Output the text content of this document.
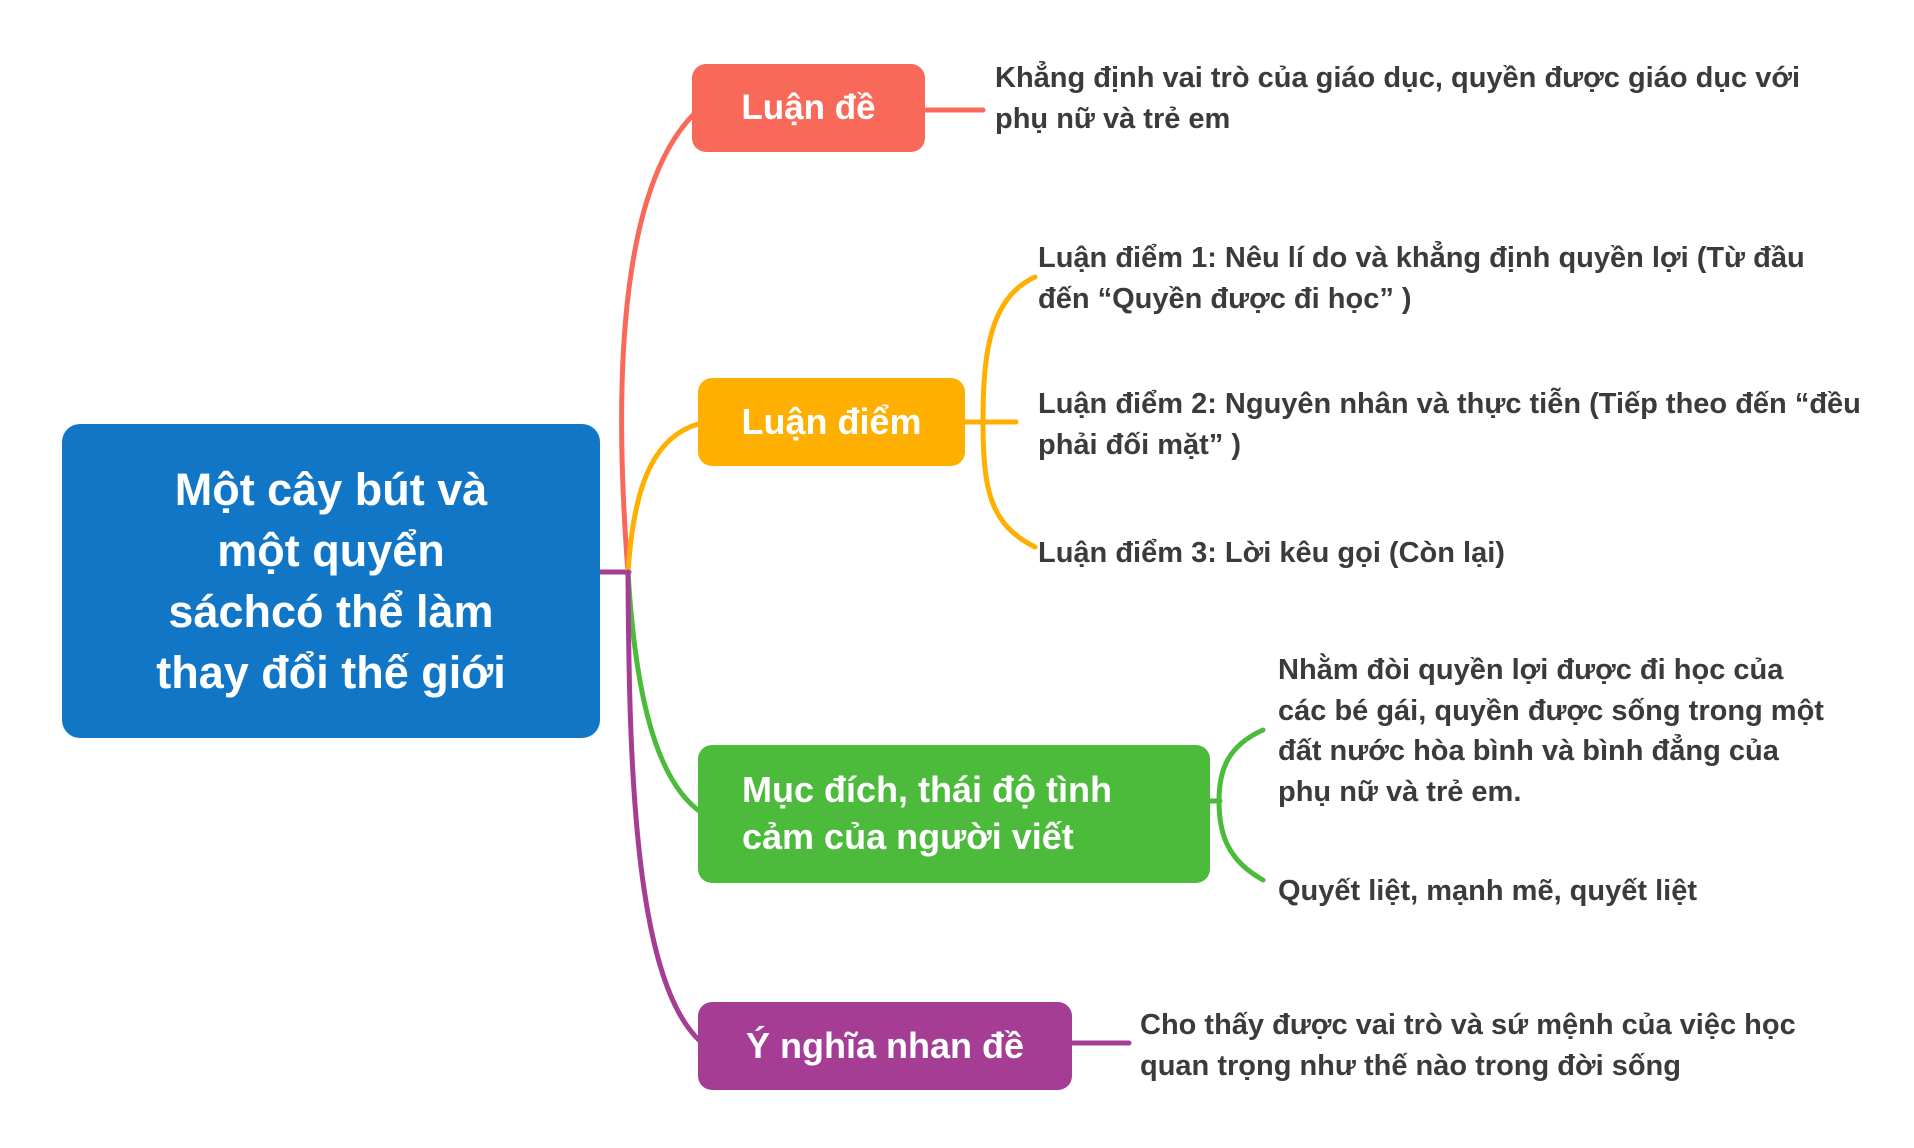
Một cây bút và
một quyển
sáchcó thể làm
thay đổi thế giới
Luận đề
Khẳng định vai trò của giáo dục, quyền được giáo dục với phụ nữ và trẻ em
Luận điểm
Luận điểm 1: Nêu lí do và khẳng định quyền lợi (Từ đầu đến “Quyền được đi học” )
Luận điểm 2: Nguyên nhân và thực tiễn (Tiếp theo đến “đều phải đối mặt” )
Luận điểm 3: Lời kêu gọi (Còn lại)
Mục đích, thái độ tình cảm của người viết
Nhằm đòi quyền lợi được đi học của các bé gái, quyền được sống trong một đất nước hòa bình và bình đẳng của phụ nữ và trẻ em.
Quyết liệt, mạnh mẽ, quyết liệt
Ý nghĩa nhan đề	Cho thấy được vai trò và sứ mệnh của việc học quan trọng như thế nào trong đời sống
